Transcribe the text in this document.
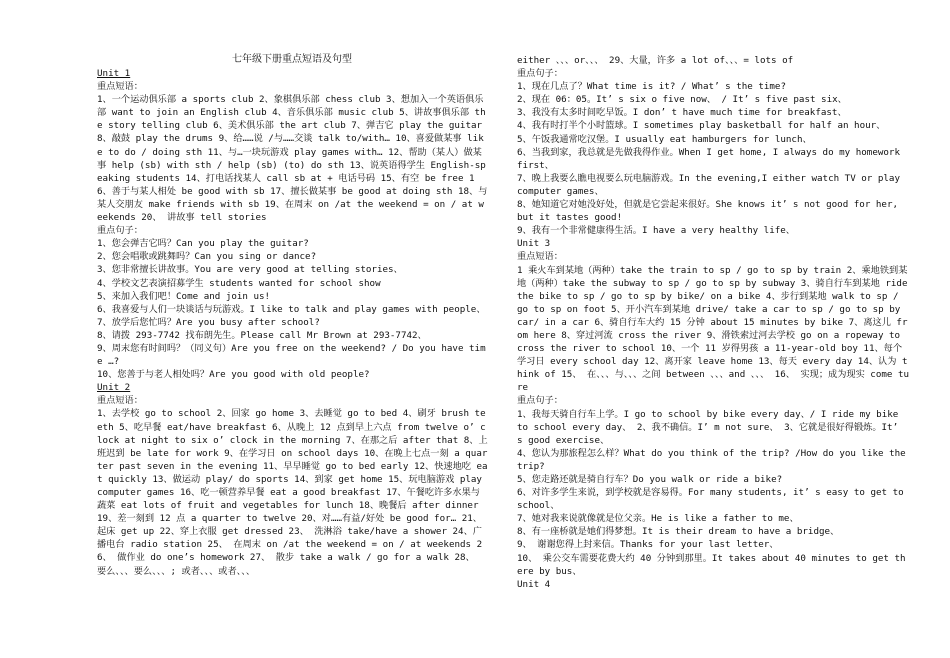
七年级下册重点短语及句型
Unit 1
重点短语：
1、一个运动俱乐部 a sports club 2、象棋俱乐部 chess club 3、想加入一个英语俱乐部 want to join an English club 4、音乐俱乐部 music club 5、讲故事俱乐部 the story telling club 6、美术俱乐部 the art club 7、弹吉它 play the guitar 8、敲鼓 play the drums 9、给……说 /与……交谈 talk to/with… 10、喜爱做某事 like to do / doing sth 11、与…一块玩游戏 play games with… 12、帮助（某人）做某事 help (sb) with sth / help (sb) (to) do sth 13、说英语得学生 English-speaking students 14、打电话找某人 call sb at + 电话号码 15、有空 be free 16、善于与某人相处 be good with sb 17、擅长做某事 be good at doing sth 18、与某人交朋友 make friends with sb 19、在周末 on /at the weekend = on / at weekends 20、 讲故事 tell stories
重点句子：
1、您会弹吉它吗？Can you play the guitar?
2、您会唱歌或跳舞吗？Can you sing or dance?
3、您非常擅长讲故事。You are very good at telling stories、
4、学校文艺表演招募学生 students wanted for school show
5、来加入我们吧！Come and join us!
6、我喜爱与人们一块谈话与玩游戏。I like to talk and play games with people、
7、放学后您忙吗？Are you busy after school?
8、请拨 293-7742 找布朗先生。Please call Mr Brown at 293-7742、
9、周末您有时间吗？（同义句）Are you free on the weekend? / Do you have time …?
10、您善于与老人相处吗？Are you good with old people?
Unit 2
重点短语：
1、去学校 go to school 2、回家 go home 3、去睡觉 go to bed 4、刷牙 brush teeth 5、吃早餐 eat/have breakfast 6、从晚上 12 点到早上六点 from twelve o’ clock at night to six o’ clock in the morning 7、在那之后 after that 8、上班迟到 be late for work 9、在学习日 on school days 10、在晚上七点一刻 a quarter past seven in the evening 11、早早睡觉 go to bed early 12、快速地吃 eat quickly 13、做运动 play/ do sports 14、到家 get home 15、玩电脑游戏 play computer games 16、吃一顿营养早餐 eat a good breakfast 17、午餐吃许多水果与蔬菜 eat lots of fruit and vegetables for lunch 18、晚餐后 after dinner 19、差一刻到 12 点 a quarter to twelve 20、对……有益/好处 be good for… 21、起床 get up 22、穿上衣服 get dressed 23、 洗淋浴 take/have a shower 24、广播电台 radio station 25、 在周末 on /at the weekend = on / at weekends 26、 做作业 do one’s homework 27、 散步 take a walk / go for a walk 28、 要么、、、要么、、、; 或者、、、或者、、、
either 、、、or、、、 29、大量，许多 a lot of、、、= lots of
重点句子：
1、现在几点了？What time is it? / What’ s the time?
2、现在 06：05。It’ s six o five now、 / It’ s five past six、
3、我没有太多时间吃早饭。I don’ t have much time for breakfast、
4、我有时打半个小时篮球。I sometimes play basketball for half an hour、
5、午饭我通常吃汉堡。I usually eat hamburgers for lunch、
6、当我到家，我总就是先做我得作业。When I get home, I always do my homework first、
7、晚上我要么瞧电视要么玩电脑游戏。In the evening,I either watch TV or play computer games、
8、她知道它对她没好处，但就是它尝起来很好。She knows it’ s not good for her, but it tastes good!
9、我有一个非常健康得生活。I have a very healthy life、
Unit 3
重点短语：
1 乘火车到某地（两种）take the train to sp / go to sp by train 2、乘地铁到某地（两种）take the subway to sp / go to sp by subway 3、骑自行车到某地 ride the bike to sp / go to sp by bike/ on a bike 4、步行到某地 walk to sp / go to sp on foot 5、开小汽车到某地 drive/ take a car to sp / go to sp by car/ in a car 6、骑自行车大约 15 分钟 about 15 minutes by bike 7、离这儿 from here 8、穿过河流 cross the river 9、滑铁索过河去学校 go on a ropeway to cross the river to school 10、一个 11 岁得男孩 a 11-year-old boy 11、每个学习日 every school day 12、离开家 leave home 13、每天 every day 14、认为 think of 15、 在、、、与、、、之间 between 、、、and 、、、 16、 实现；成为现实 come ture
重点句子：
1、我每天骑自行车上学。I go to school by bike every day、/ I ride my bike to school every day、 2、我不确信。I’ m not sure、 3、它就是很好得锻炼。It’ s good exercise、
4、您认为那旅程怎么样？What do you think of the trip? /How do you like the trip?
5、您走路还就是骑自行车？Do you walk or ride a bike?
6、对许多学生来说，到学校就是容易得。For many students, it’ s easy to get to school、
7、她对我来说就像就是位父亲。He is like a father to me、
8、有一座桥就是她们得梦想。It is their dream to have a bridge、
9、 谢谢您得上封来信。Thanks for your last letter、
10、 乘公交车需要花费大约 40 分钟到那里。It takes about 40 minutes to get there by bus、
Unit 4
